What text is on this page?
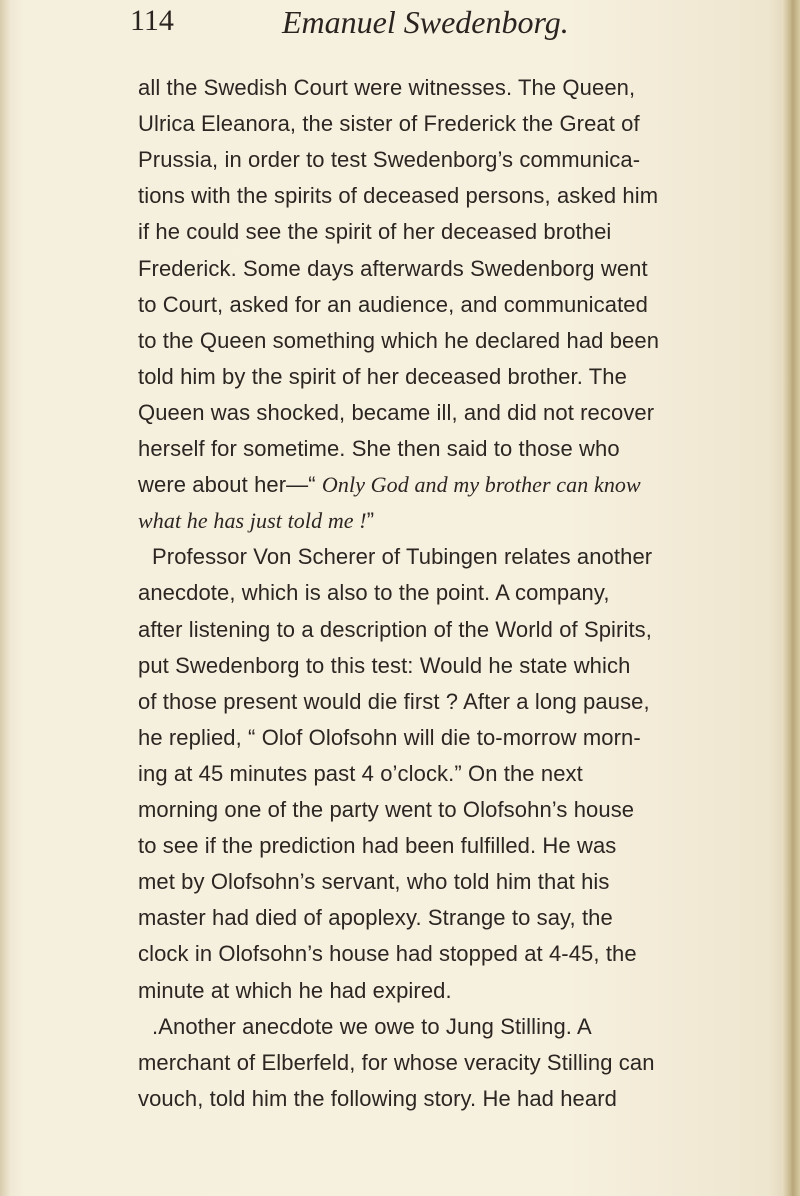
114	Emanuel Swedenborg.
all the Swedish Court were witnesses. The Queen,
Ulrica Eleanora, the sister of Frederick the Great of
Prussia, in order to test Swedenborg’s communica-
tions with the spirits of deceased persons, asked him
if he could see the spirit of her deceased brothei
Frederick. Some days afterwards Swedenborg went
to Court, asked for an audience, and communicated
to the Queen something which he declared had been
told him by the spirit of her deceased brother. The
Queen was shocked, became ill, and did not recover
herself for sometime. She then said to those who
were about her—“ Only God and my brother can know
what he has just told me !”
Professor Von Scherer of Tubingen relates another
anecdote, which is also to the point. A company,
after listening to a description of the World of Spirits,
put Swedenborg to this test: Would he state which
of those present would die first ? After a long pause,
he replied, “ Olof Olofsohn will die to-morrow morn-
ing at 45 minutes past 4 o’clock.” On the next
morning one of the party went to Olofsohn’s house
to see if the prediction had been fulfilled. He was
met by Olofsohn’s servant, who told him that his
master had died of apoplexy. Strange to say, the
clock in Olofsohn’s house had stopped at 4-45, the
minute at which he had expired.
.Another anecdote we owe to Jung Stilling. A
merchant of Elberfeld, for whose veracity Stilling can
vouch, told him the following story. He had heard
